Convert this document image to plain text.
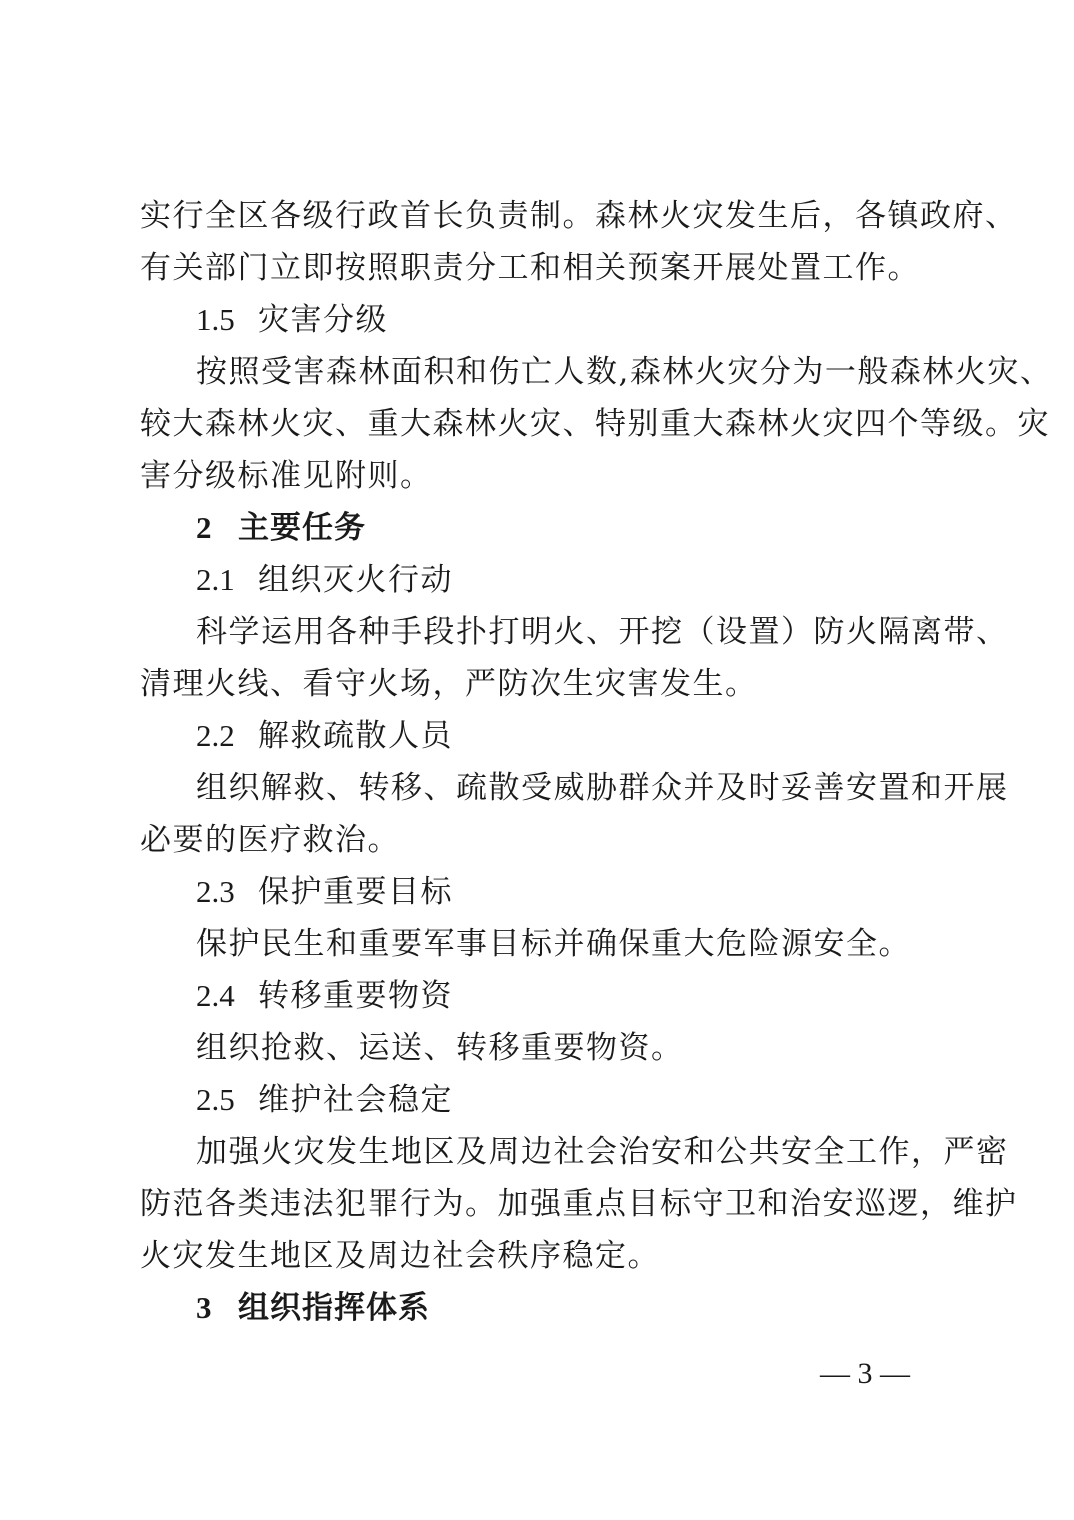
实行全区各级行政首长负责制。森林火灾发生后，各镇政府、
有关部门立即按照职责分工和相关预案开展处置工作。
1.5 灾害分级
按照受害森林面积和伤亡人数,森林火灾分为一般森林火灾、
较大森林火灾、重大森林火灾、特别重大森林火灾四个等级。灾
害分级标准见附则。
2 主要任务
2.1 组织灭火行动
科学运用各种手段扑打明火、开挖（设置）防火隔离带、
清理火线、看守火场，严防次生灾害发生。
2.2 解救疏散人员
组织解救、转移、疏散受威胁群众并及时妥善安置和开展
必要的医疗救治。
2.3 保护重要目标
保护民生和重要军事目标并确保重大危险源安全。
2.4 转移重要物资
组织抢救、运送、转移重要物资。
2.5 维护社会稳定
加强火灾发生地区及周边社会治安和公共安全工作，严密
防范各类违法犯罪行为。加强重点目标守卫和治安巡逻，维护
火灾发生地区及周边社会秩序稳定。
3 组织指挥体系
— 3 —
